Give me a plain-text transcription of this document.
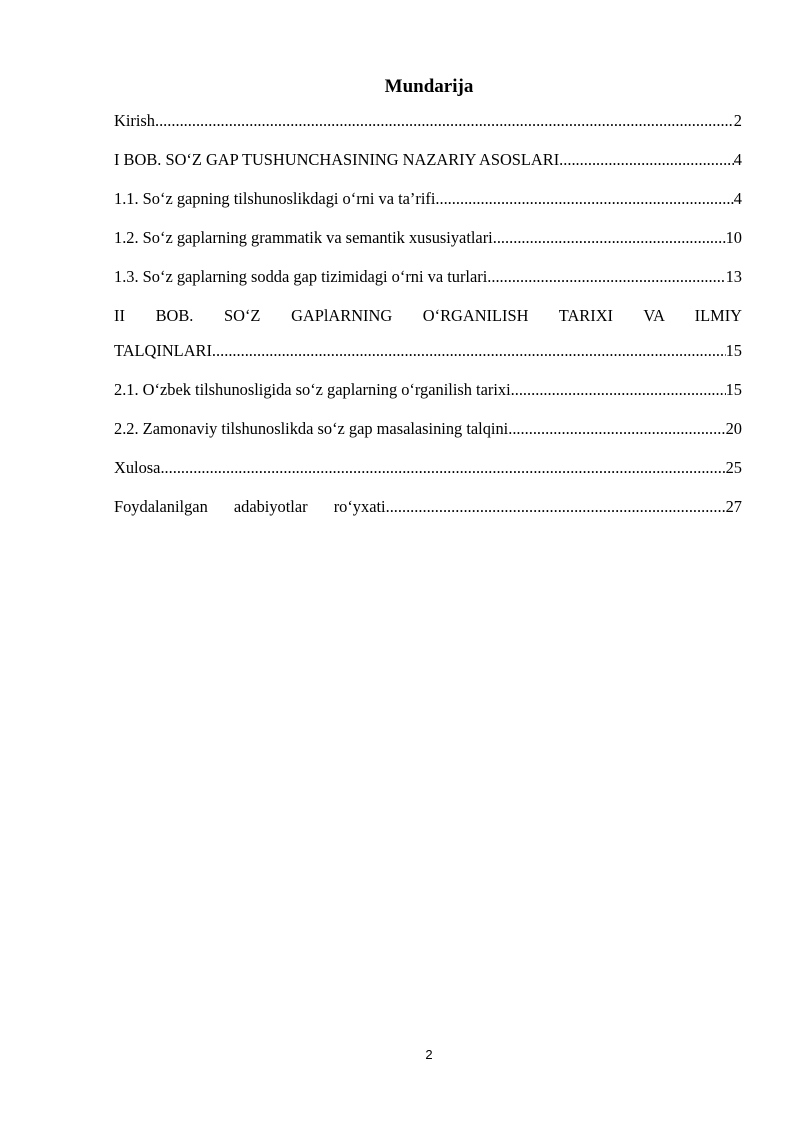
Mundarija
Kirish .....	2
I BOB. SO‘Z GAP TUSHUNCHASINING NAZARIY ASOSLARI .....	4
1.1. So‘z gapning tilshunoslikdagi o‘rni va ta’rifi .....	4
1.2. So‘z gaplarning grammatik va semantik xususiyatlari .....	10
1.3. So‘z gaplarning sodda gap tizimidagi o‘rni va turlari .....	13
II BOB. SO‘Z GAPlARNING O‘RGANILISH TARIXI VA ILMIY
TALQINLARI .....	15
2.1. O‘zbek tilshunosligida so‘z gaplarning o‘rganilish tarixi .....	15
2.2. Zamonaviy tilshunoslikda so‘z gap masalasining talqini .....	20
Xulosa .....	25
Foydalanilgan adabiyotlar ro‘yxati .....	27
2
